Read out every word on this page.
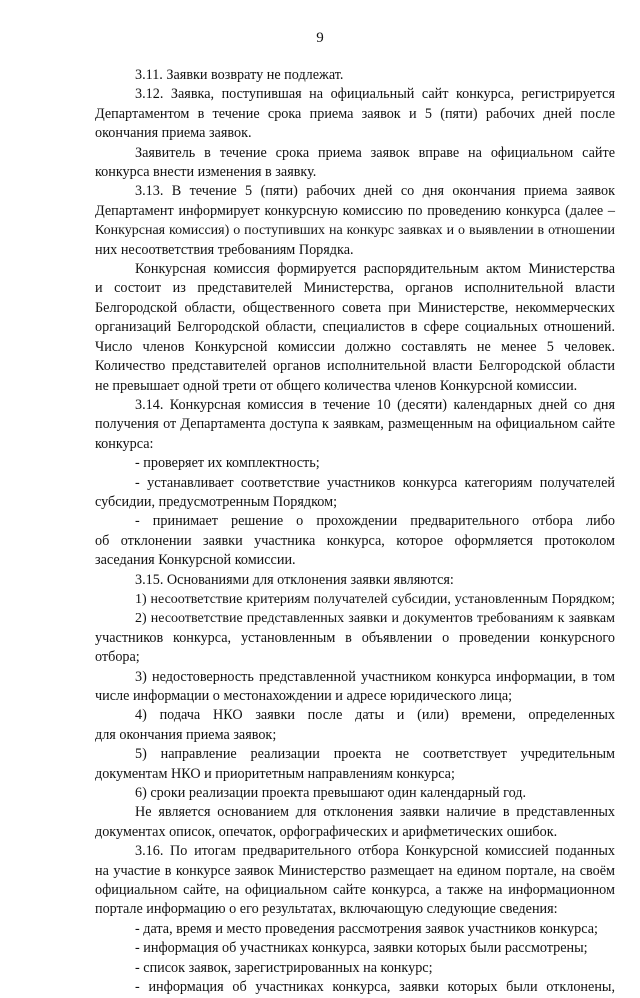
9
3.11. Заявки возврату не подлежат.
3.12. Заявка, поступившая на официальный сайт конкурса, регистрируется
Департаментом в течение срока приема заявок и 5 (пяти) рабочих дней после
окончания приема заявок.
Заявитель в течение срока приема заявок вправе на официальном сайте
конкурса внести изменения в заявку.
3.13. В течение 5 (пяти) рабочих дней со дня окончания приема заявок
Департамент информирует конкурсную комиссию по проведению конкурса (далее –
Конкурсная комиссия) о поступивших на конкурс заявках и о выявлении в отношении
них несоответствия требованиям Порядка.
Конкурсная комиссия формируется распорядительным актом Министерства
и состоит из представителей Министерства, органов исполнительной власти
Белгородской области, общественного совета при Министерстве, некоммерческих
организаций Белгородской области, специалистов в сфере социальных отношений.
Число членов Конкурсной комиссии должно составлять не менее 5 человек.
Количество представителей органов исполнительной власти Белгородской области
не превышает одной трети от общего количества членов Конкурсной комиссии.
3.14. Конкурсная комиссия в течение 10 (десяти) календарных дней со дня
получения от Департамента доступа к заявкам, размещенным на официальном сайте
конкурса:
- проверяет их комплектность;
- устанавливает соответствие участников конкурса категориям получателей
субсидии, предусмотренным Порядком;
- принимает решение о прохождении предварительного отбора либо
об отклонении заявки участника конкурса, которое оформляется протоколом
заседания Конкурсной комиссии.
3.15. Основаниями для отклонения заявки являются:
1) несоответствие критериям получателей субсидии, установленным Порядком;
2) несоответствие представленных заявки и документов требованиям к заявкам
участников конкурса, установленным в объявлении о проведении конкурсного
отбора;
3) недостоверность представленной участником конкурса информации, в том
числе информации о местонахождении и адресе юридического лица;
4) подача НКО заявки после даты и (или) времени, определенных
для окончания приема заявок;
5) направление реализации проекта не соответствует учредительным
документам НКО и приоритетным направлениям конкурса;
6) сроки реализации проекта превышают один календарный год.
Не является основанием для отклонения заявки наличие в представленных
документах описок, опечаток, орфографических и арифметических ошибок.
3.16. По итогам предварительного отбора Конкурсной комиссией поданных
на участие в конкурсе заявок Министерство размещает на едином портале, на своём
официальном сайте, на официальном сайте конкурса, а также на информационном
портале информацию о его результатах, включающую следующие сведения:
- дата, время и место проведения рассмотрения заявок участников конкурса;
- информация об участниках конкурса, заявки которых были рассмотрены;
- список заявок, зарегистрированных на конкурс;
- информация об участниках конкурса, заявки которых были отклонены,
